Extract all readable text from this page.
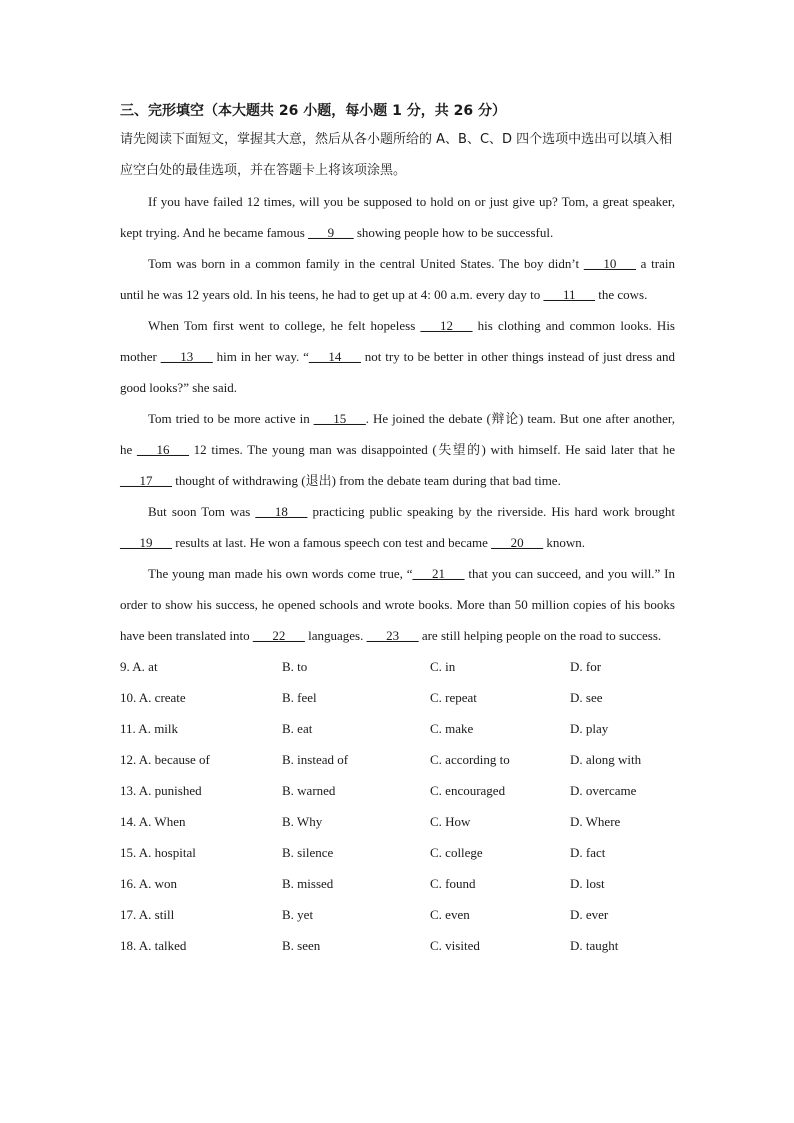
三、完形填空（本大题共 26 小题，每小题 1 分，共 26 分）

请先阅读下面短文，掌握其大意，然后从各小题所给的 A、B、C、D 四个选项中选出可以填入相应空白处的最佳选项，并在答题卡上将该项涂黑。

If you have failed 12 times, will you be supposed to hold on or just give up? Tom, a great speaker, kept trying. And he became famous ___9___ showing people how to be successful.

Tom was born in a common family in the central United States. The boy didn’t ___10___ a train until he was 12 years old. In his teens, he had to get up at 4: 00 a.m. every day to ___11___ the cows.

When Tom first went to college, he felt hopeless ___12___ his clothing and common looks. His mother ___13___ him in her way. “___14___ not try to be better in other things instead of just dress and good looks?” she said.

Tom tried to be more active in ___15___. He joined the debate (辩论) team. But one after another, he ___16___ 12 times. The young man was disappointed (失望的) with himself. He said later that he ___17___ thought of withdrawing (退出) from the debate team during that bad time.

But soon Tom was ___18___ practicing public speaking by the riverside. His hard work brought ___19___ results at last. He won a famous speech con test and became ___20___ known.

The young man made his own words come true, “___21___ that you can succeed, and you will.” In order to show his success, he opened schools and wrote books. More than 50 million copies of his books have been translated into ___22___ languages. ___23___ are still helping people on the road to success.

9. A. at	B. to	C. in	D. for
10. A. create	B. feel	C. repeat	D. see
11. A. milk	B. eat	C. make	D. play
12. A. because of	B. instead of	C. according to	D. along with
13. A. punished	B. warned	C. encouraged	D. overcame
14. A. When	B. Why	C. How	D. Where
15. A. hospital	B. silence	C. college	D. fact
16. A. won	B. missed	C. found	D. lost
17. A. still	B. yet	C. even	D. ever
18. A. talked	B. seen	C. visited	D. taught
